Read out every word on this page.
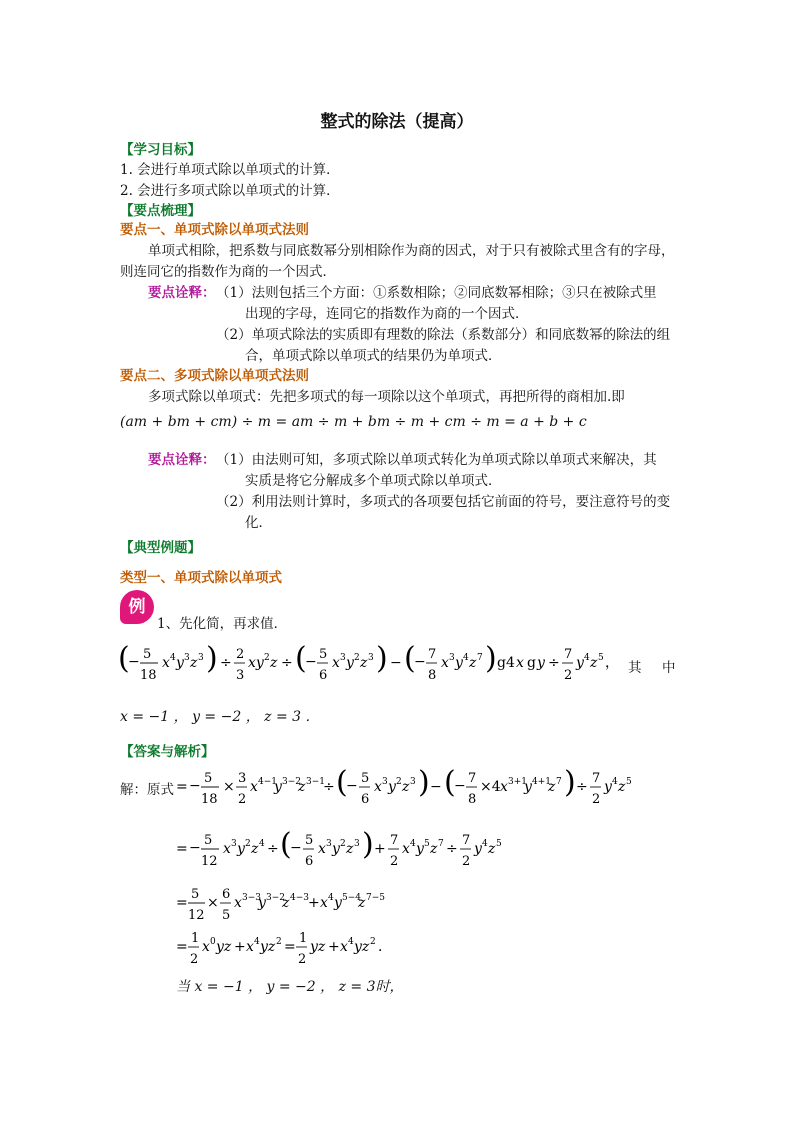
整式的除法（提高）
【学习目标】
1. 会进行单项式除以单项式的计算．
2. 会进行多项式除以单项式的计算．
【要点梳理】
要点一、单项式除以单项式法则
单项式相除，把系数与同底数幂分别相除作为商的因式，对于只有被除式里含有的字母，
则连同它的指数作为商的一个因式．
要点诠释： （1）法则包括三个方面：①系数相除；②同底数幂相除；③只在被除式里
出现的字母，连同它的指数作为商的一个因式．
（2）单项式除法的实质即有理数的除法（系数部分）和同底数幂的除法的组
合，单项式除以单项式的结果仍为单项式．
要点二、多项式除以单项式法则
多项式除以单项式：先把多项式的每一项除以这个单项式，再把所得的商相加.即
(am + bm + cm) ÷ m = am ÷ m + bm ÷ m + cm ÷ m = a + b + c
要点诠释： （1）由法则可知，多项式除以单项式转化为单项式除以单项式来解决，其
实质是将它分解成多个单项式除以单项式．
（2）利用法则计算时，多项式的各项要包括它前面的符号，要注意符号的变
化．
【典型例题】
类型一、单项式除以单项式
例
1、先化简，再求值．
(
− 5
18
x 4 y 3 z 3 ) ÷
2
3
xy 2 z ÷ (
− 5
6
x 3 y 2 z 3 ) − (
− 7
8
x 3 y 4 z 7 ) g4 x g y ÷
7
2
y 4 z 5 ， 其 中
x = −1 ， y = −2 ， z = 3 ．
【答案与解析】
解：原式 = − 5
18
×
3
2
x 4−1
y 3−2
z 3−1
÷ (
− 5
6
x 3 y 2 z 3 ) − (
− 7
8
×4 x 3+1
y 4+1
z 7 ) ÷
7
2
y 4 z 5
= − 5
12
x 3 y 2 z 4 ÷ (
− 5
6
x 3 y 2 z 3 ) +
7
2
x 4 y 5 z 7 ÷
7
2
y 4 z 5
=
5
12
×
6
5
x 3−3
y 3−2
z 4−3 + x 4 y 5−4
z 7−5
=
1
2
x 0 yz + x 4 yz 2 =
1
2
yz + x 4 yz 2 ．
当 x = −1 ， y = −2 ， z = 3时，
